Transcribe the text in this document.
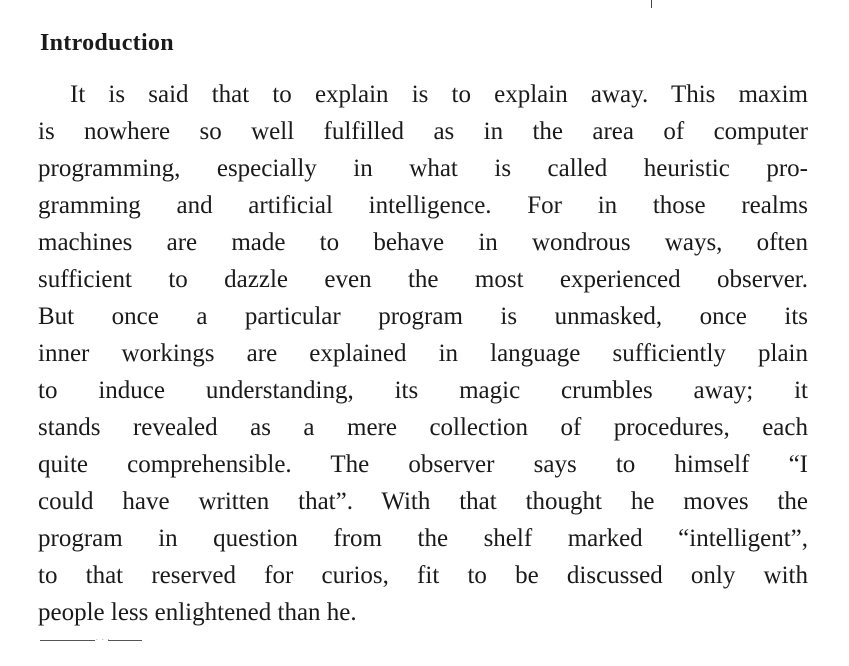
Introduction
It is said that to explain is to explain away. This maxim
is nowhere so well fulfilled as in the area of computer
programming, especially in what is called heuristic pro-
gramming and artificial intelligence. For in those realms
machines are made to behave in wondrous ways, often
sufficient to dazzle even the most experienced observer.
But once a particular program is unmasked, once its
inner workings are explained in language sufficiently plain
to induce understanding, its magic crumbles away; it
stands revealed as a mere collection of procedures, each
quite comprehensible. The observer says to himself “I
could have written that”. With that thought he moves the
program in question from the shelf marked “intelligent”,
to that reserved for curios, fit to be discussed only with
people less enlightened than he.
· · ·
